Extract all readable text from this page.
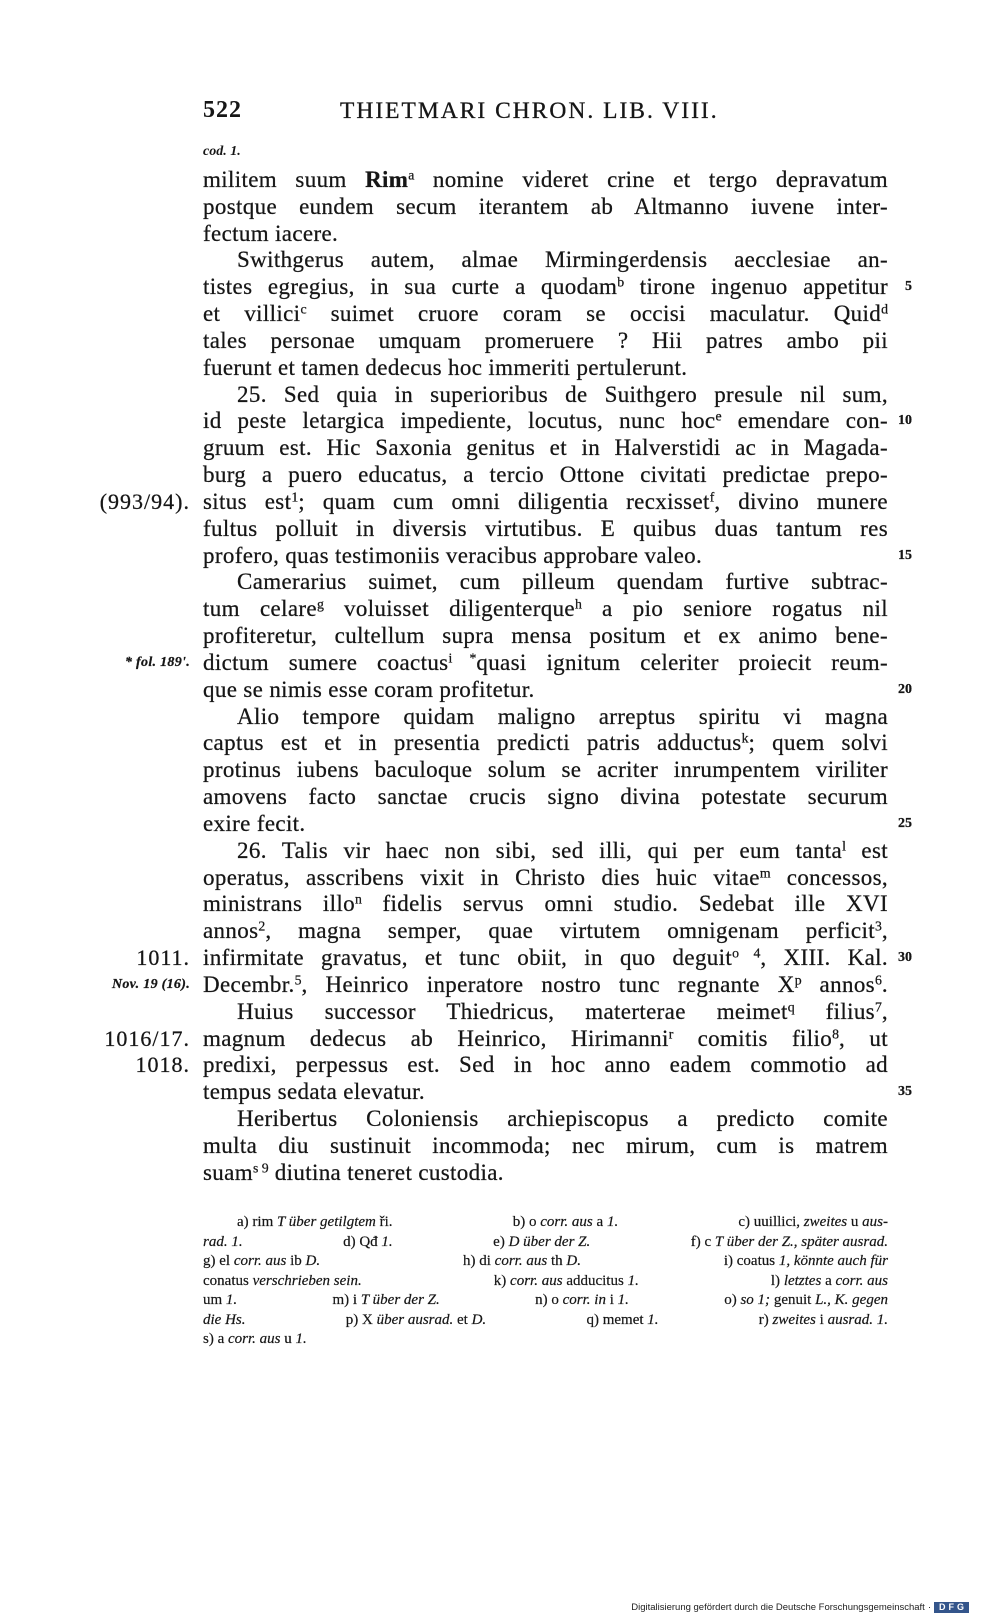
522	THIETMARI CHRON. LIB. VIII.
cod. 1.
militem suum Rim$^a$ nomine videret crine et tergo depravatum
postque eundem secum iterantem ab Altmanno iuvene inter-
fectum iacere.
Swithgerus autem, almae Mirmingerdensis aecclesiae an-
tistes egregius, in sua curte a quodam$^b$ tirone ingenuo appetitur	5
et villici$^c$ suimet cruore coram se occisi maculatur. Quid$^d$
tales personae umquam promeruere ? Hii patres ambo pii
fuerunt et tamen dedecus hoc immeriti pertulerunt.
25. Sed quia in superioribus de Suithgero presule nil sum,
id peste letargica impediente, locutus, nunc hoc$^e$ emendare con- 10
gruum est. Hic Saxonia genitus et in Halverstidi ac in Magada-
burg a puero educatus, a tercio Ottone civitati predictae prepo-
situs est$^1$; quam cum omni diligentia recxisset$^f$, divino munere
(993/94).
fultus polluit in diversis virtutibus. E quibus duas tantum res
profero, quas testimoniis veracibus approbare valeo.	15
Camerarius suimet, cum pilleum quendam furtive subtrac-
tum celare$^g$ voluisset diligenterque$^h$ a pio seniore rogatus nil
profiteretur, cultellum supra mensa positum et ex animo bene-
dictum sumere coactus$^i$ *quasi ignitum celeriter proiecit reum-
* fol. 189'.
que se nimis esse coram profitetur.	20
Alio tempore quidam maligno arreptus spiritu vi magna
captus est et in presentia predicti patris adductus$^k$; quem solvi
protinus iubens baculoque solum se acriter inrumpentem viriliter
amovens facto sanctae crucis signo divina potestate securum
exire fecit.	25
26. Talis vir haec non sibi, sed illi, qui per eum tanta$^l$ est
operatus, asscribens vixit in Christo dies huic vitae$^m$ concessos,
ministrans illo$^n$ fidelis servus omni studio. Sedebat ille XVI
annos$^2$, magna semper, quae virtutem omnigenam perficit$^3$,
infirmitate gravatus, et tunc obiit, in quo deguit$^{o 4}$, XIII. Kal.
1011.	30
Decembr.$^5$, Heinrico inperatore nostro tunc regnante $X^p$ annos$^6$.
Nov. 19 (16).
Huius successor Thiedricus, materterae meimet$^q$ filius$^7$,
magnum dedecus ab Heinrico, Hirimanni$^r$ comitis filio$^8$, ut
1016/17.
predixi, perpessus est. Sed in hoc anno eadem commotio ad
1018.
tempus sedata elevatur.	35
Heribertus Coloniensis archiepiscopus a predicto comite
multa diu sustinuit incommoda; nec mirum, cum is matrem
suam$^{s 9}$ diutina teneret custodia.
a) rim T über getilgtem ři.	b) o corr. aus a 1.	c) uuillici, zweites u aus-
rad. 1.	d) Qđ 1.	e) D über der Z.	f) c T über der Z., später ausrad.
g) el corr. aus ib D.	h) di corr. aus th D.	i) coatus 1, könnte auch für
conatus verschrieben sein.	k) corr. aus adducitus 1.	l) letztes a corr. aus
um 1.	m) i T über der Z.	n) o corr. in i 1.	o) so 1; genuit L., K. gegen
die Hs.	p) X über ausrad. et D.	q) memet 1.	r) zweites i ausrad. 1.
s) a corr. aus u 1.
Digitalisierung gefördert durch die Deutsche Forschungsgemeinschaft · DFG
